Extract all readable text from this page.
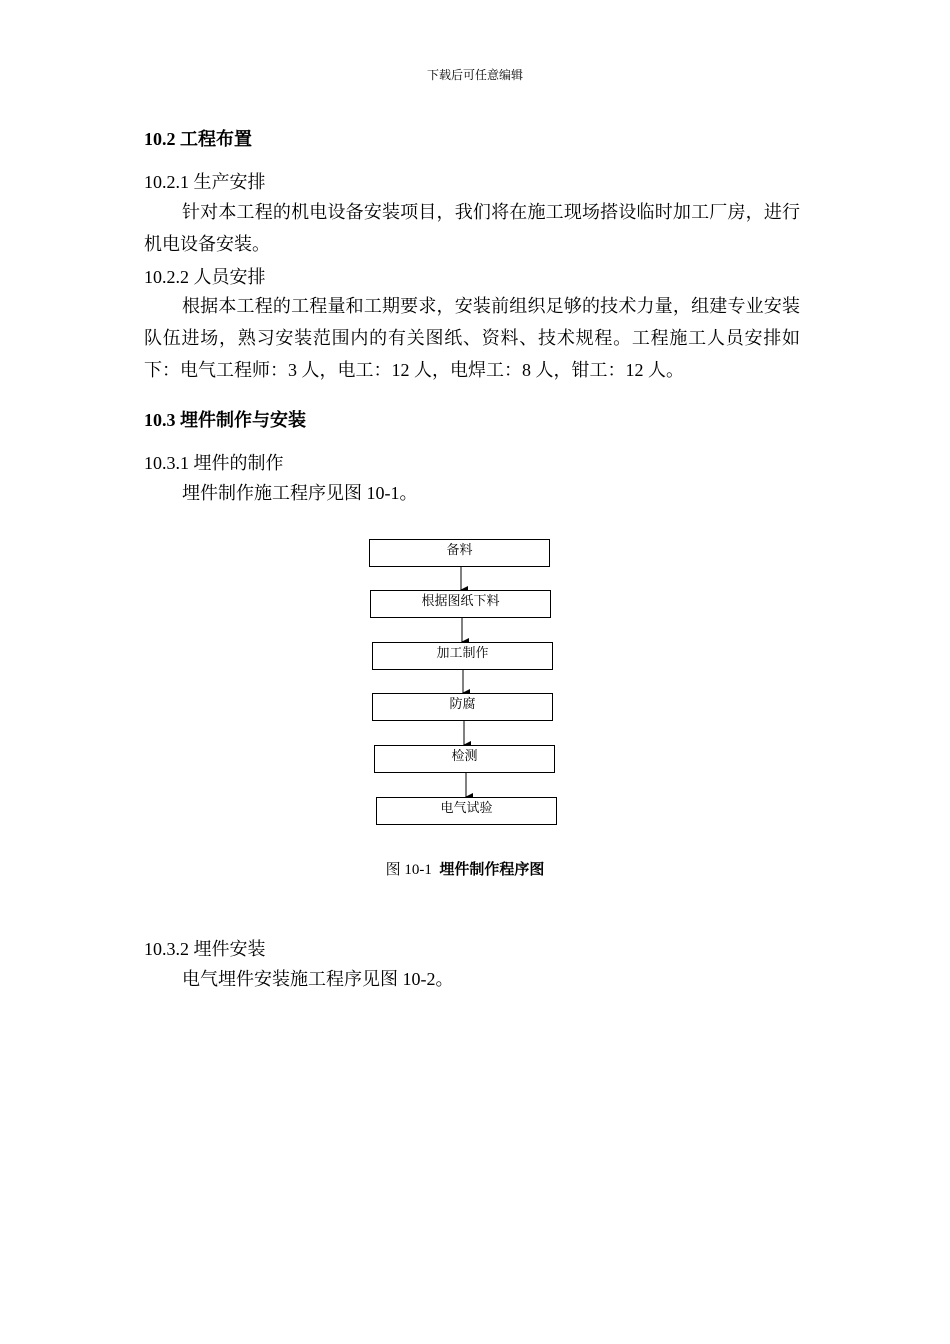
下载后可任意编辑
10.2 工程布置
10.2.1 生产安排
针对本工程的机电设备安装项目，我们将在施工现场搭设临时加工厂房，进行机电设备安装。
10.2.2 人员安排
根据本工程的工程量和工期要求，安装前组织足够的技术力量，组建专业安装队伍进场，熟习安装范围内的有关图纸、资料、技术规程。工程施工人员安排如下：电气工程师：3 人，电工：12 人，电焊工：8 人，钳工：12 人。
10.3 埋件制作与安装
10.3.1 埋件的制作
埋件制作施工程序见图 10-1。
备料
根据图纸下料
加工制作
防腐
检测
电气试验
图 10-1 埋件制作程序图
10.3.2 埋件安装
电气埋件安装施工程序见图 10-2。
